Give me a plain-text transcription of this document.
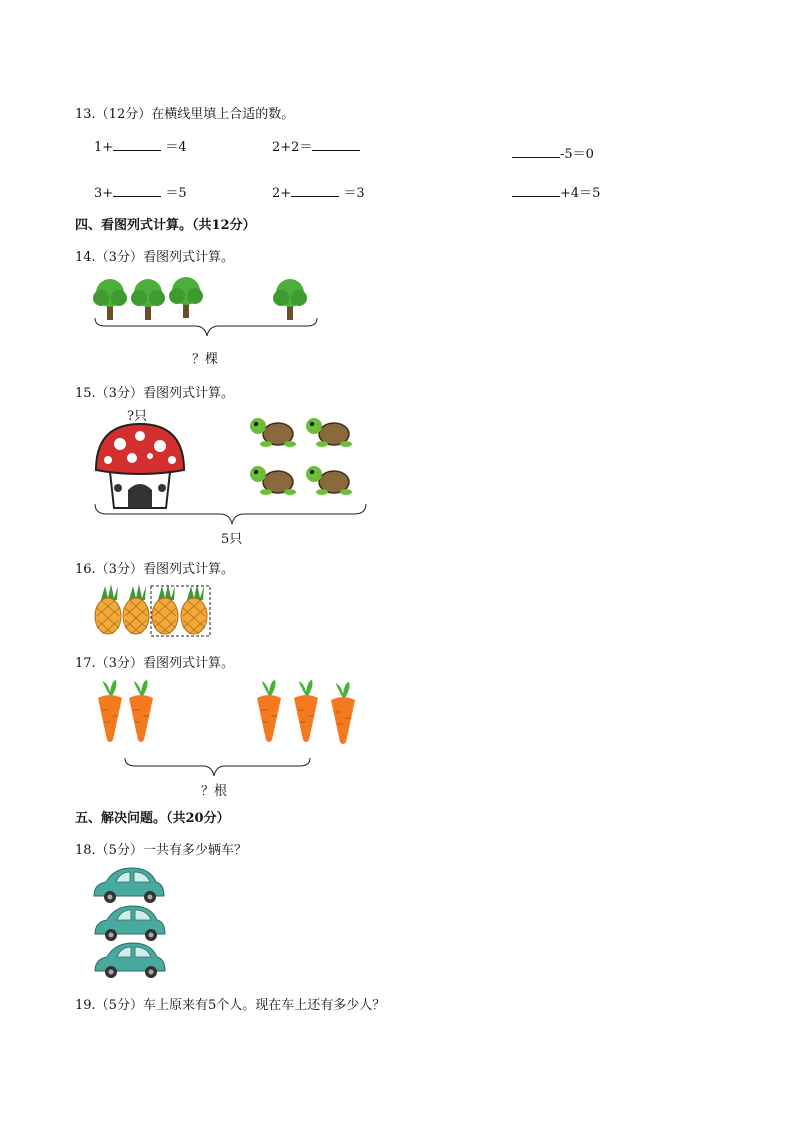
13.（12分）在横线里填上合适的数。
1+	＝4	2+2＝	-5＝0
3+	＝5	2+	＝3	+4＝5
四、看图列式计算。（共12分）
14.（3分）看图列式计算。
？棵
15.（3分）看图列式计算。
?只
5只
16.（3分）看图列式计算。
17.（3分）看图列式计算。
？根
五、解决问题。（共20分）
18.（5分）一共有多少辆车？
19.（5分）车上原来有5个人。现在车上还有多少人？
